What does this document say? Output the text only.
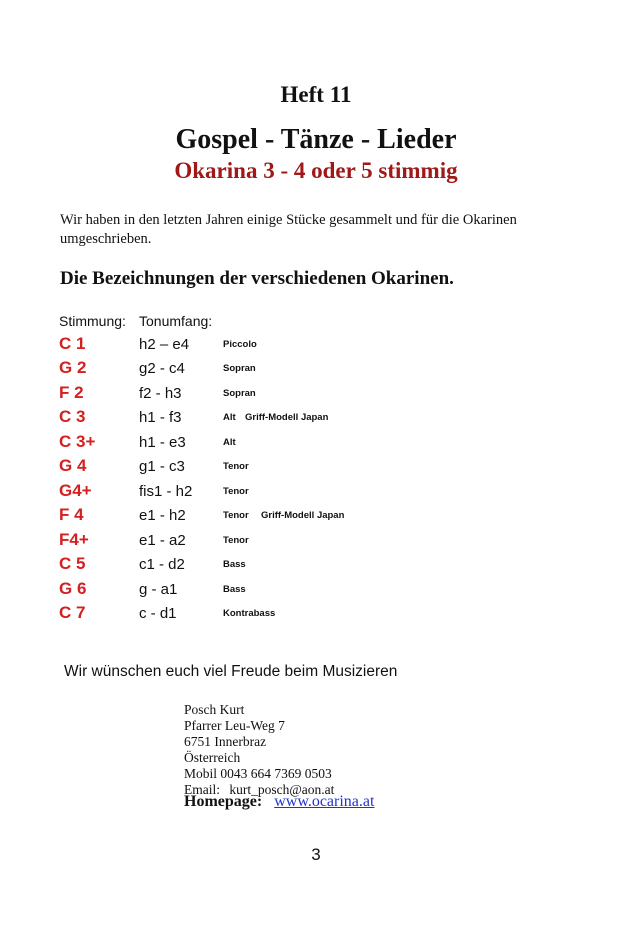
Heft 11
Gospel - Tänze - Lieder
Okarina 3 - 4 oder 5 stimmig
Wir haben in den letzten Jahren einige Stücke gesammelt und für die Okarinen umgeschrieben.
Die Bezeichnungen der verschiedenen Okarinen.
Stimmung: Tonumfang:
C 1	h2 – e4	Piccolo
G 2	g2 - c4	Sopran
F 2	f2 - h3	Sopran
C 3	h1 - f3	Alt Griff-Modell Japan
C 3+	h1 - e3	Alt
G 4	g1 - c3	Tenor
G4+	fis1 - h2	Tenor
F 4	e1 - h2	Tenor Griff-Modell Japan
F4+	e1 - a2	Tenor
C 5	c1 - d2	Bass
G 6	g - a1	Bass
C 7	c - d1	Kontrabass
Wir wünschen euch viel Freude beim Musizieren
Posch Kurt
Pfarrer Leu-Weg 7
6751 Innerbraz
Österreich
Mobil 0043 664 7369 0503
Email: kurt_posch@aon.at
Homepage: www.ocarina.at
3
